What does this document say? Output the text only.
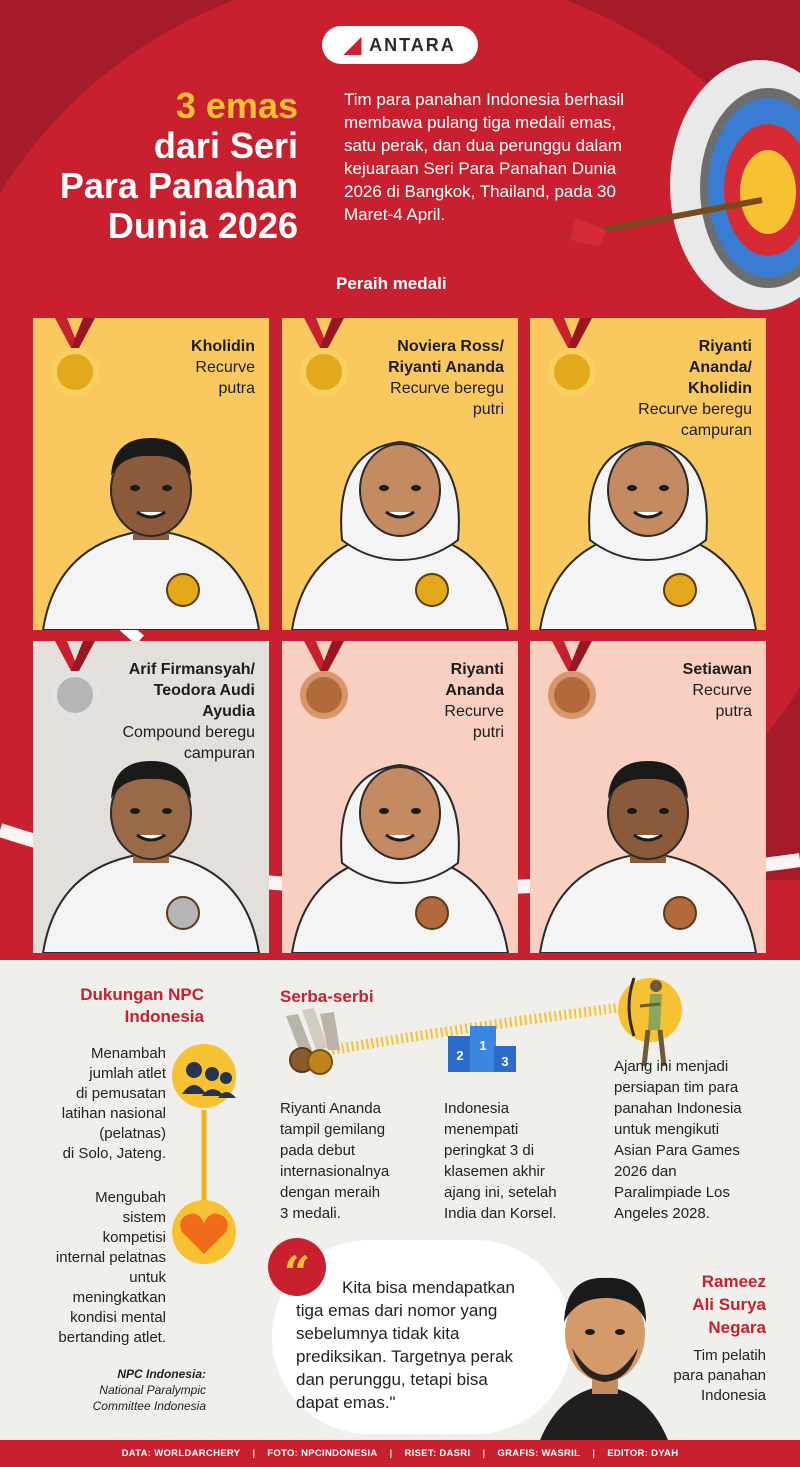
◢ ANTARA
3 emas
dari Seri
Para Panahan
Dunia 2026
Tim para panahan Indonesia berhasil membawa pulang tiga medali emas, satu perak, dan dua perunggu dalam kejuaraan Seri Para Panahan Dunia 2026 di Bangkok, Thailand, pada 30 Maret-4 April.
Peraih medali
Kholidin
Recurve
putra
Noviera Ross/
Riyanti Ananda
Recurve beregu
putri
Riyanti
Ananda/
Kholidin
Recurve beregu
campuran
Arif Firmansyah/
Teodora Audi
Ayudia
Compound beregu
campuran
Riyanti
Ananda
Recurve
putri
Setiawan
Recurve
putra
Dukungan NPC
Indonesia
Menambah
jumlah atlet
di pemusatan
latihan nasional
(pelatnas)
di Solo, Jateng.
Mengubah
sistem
kompetisi
internal pelatnas
untuk
meningkatkan
kondisi mental
bertanding atlet.
NPC Indonesia:
National Paralympic
Committee Indonesia
Serba-serbi
2
1
3
Riyanti Ananda
tampil gemilang
pada debut
internasionalnya
dengan meraih
3 medali.
Indonesia
menempati
peringkat 3 di
klasemen akhir
ajang ini, setelah
India dan Korsel.
Ajang ini menjadi
persiapan tim para
panahan Indonesia
untuk mengikuti
Asian Para Games
2026 dan
Paralimpiade Los
Angeles 2028.
“	Kita bisa mendapatkan
tiga emas dari nomor yang
sebelumnya tidak kita
prediksikan. Targetnya perak
dan perunggu, tetapi bisa
dapat emas."
Rameez
Ali Surya
Negara
Tim pelatih
para panahan
Indonesia
DATA: WORLDARCHERY | FOTO: NPCINDONESIA | RISET: DASRI | GRAFIS: WASRIL | EDITOR: DYAH
